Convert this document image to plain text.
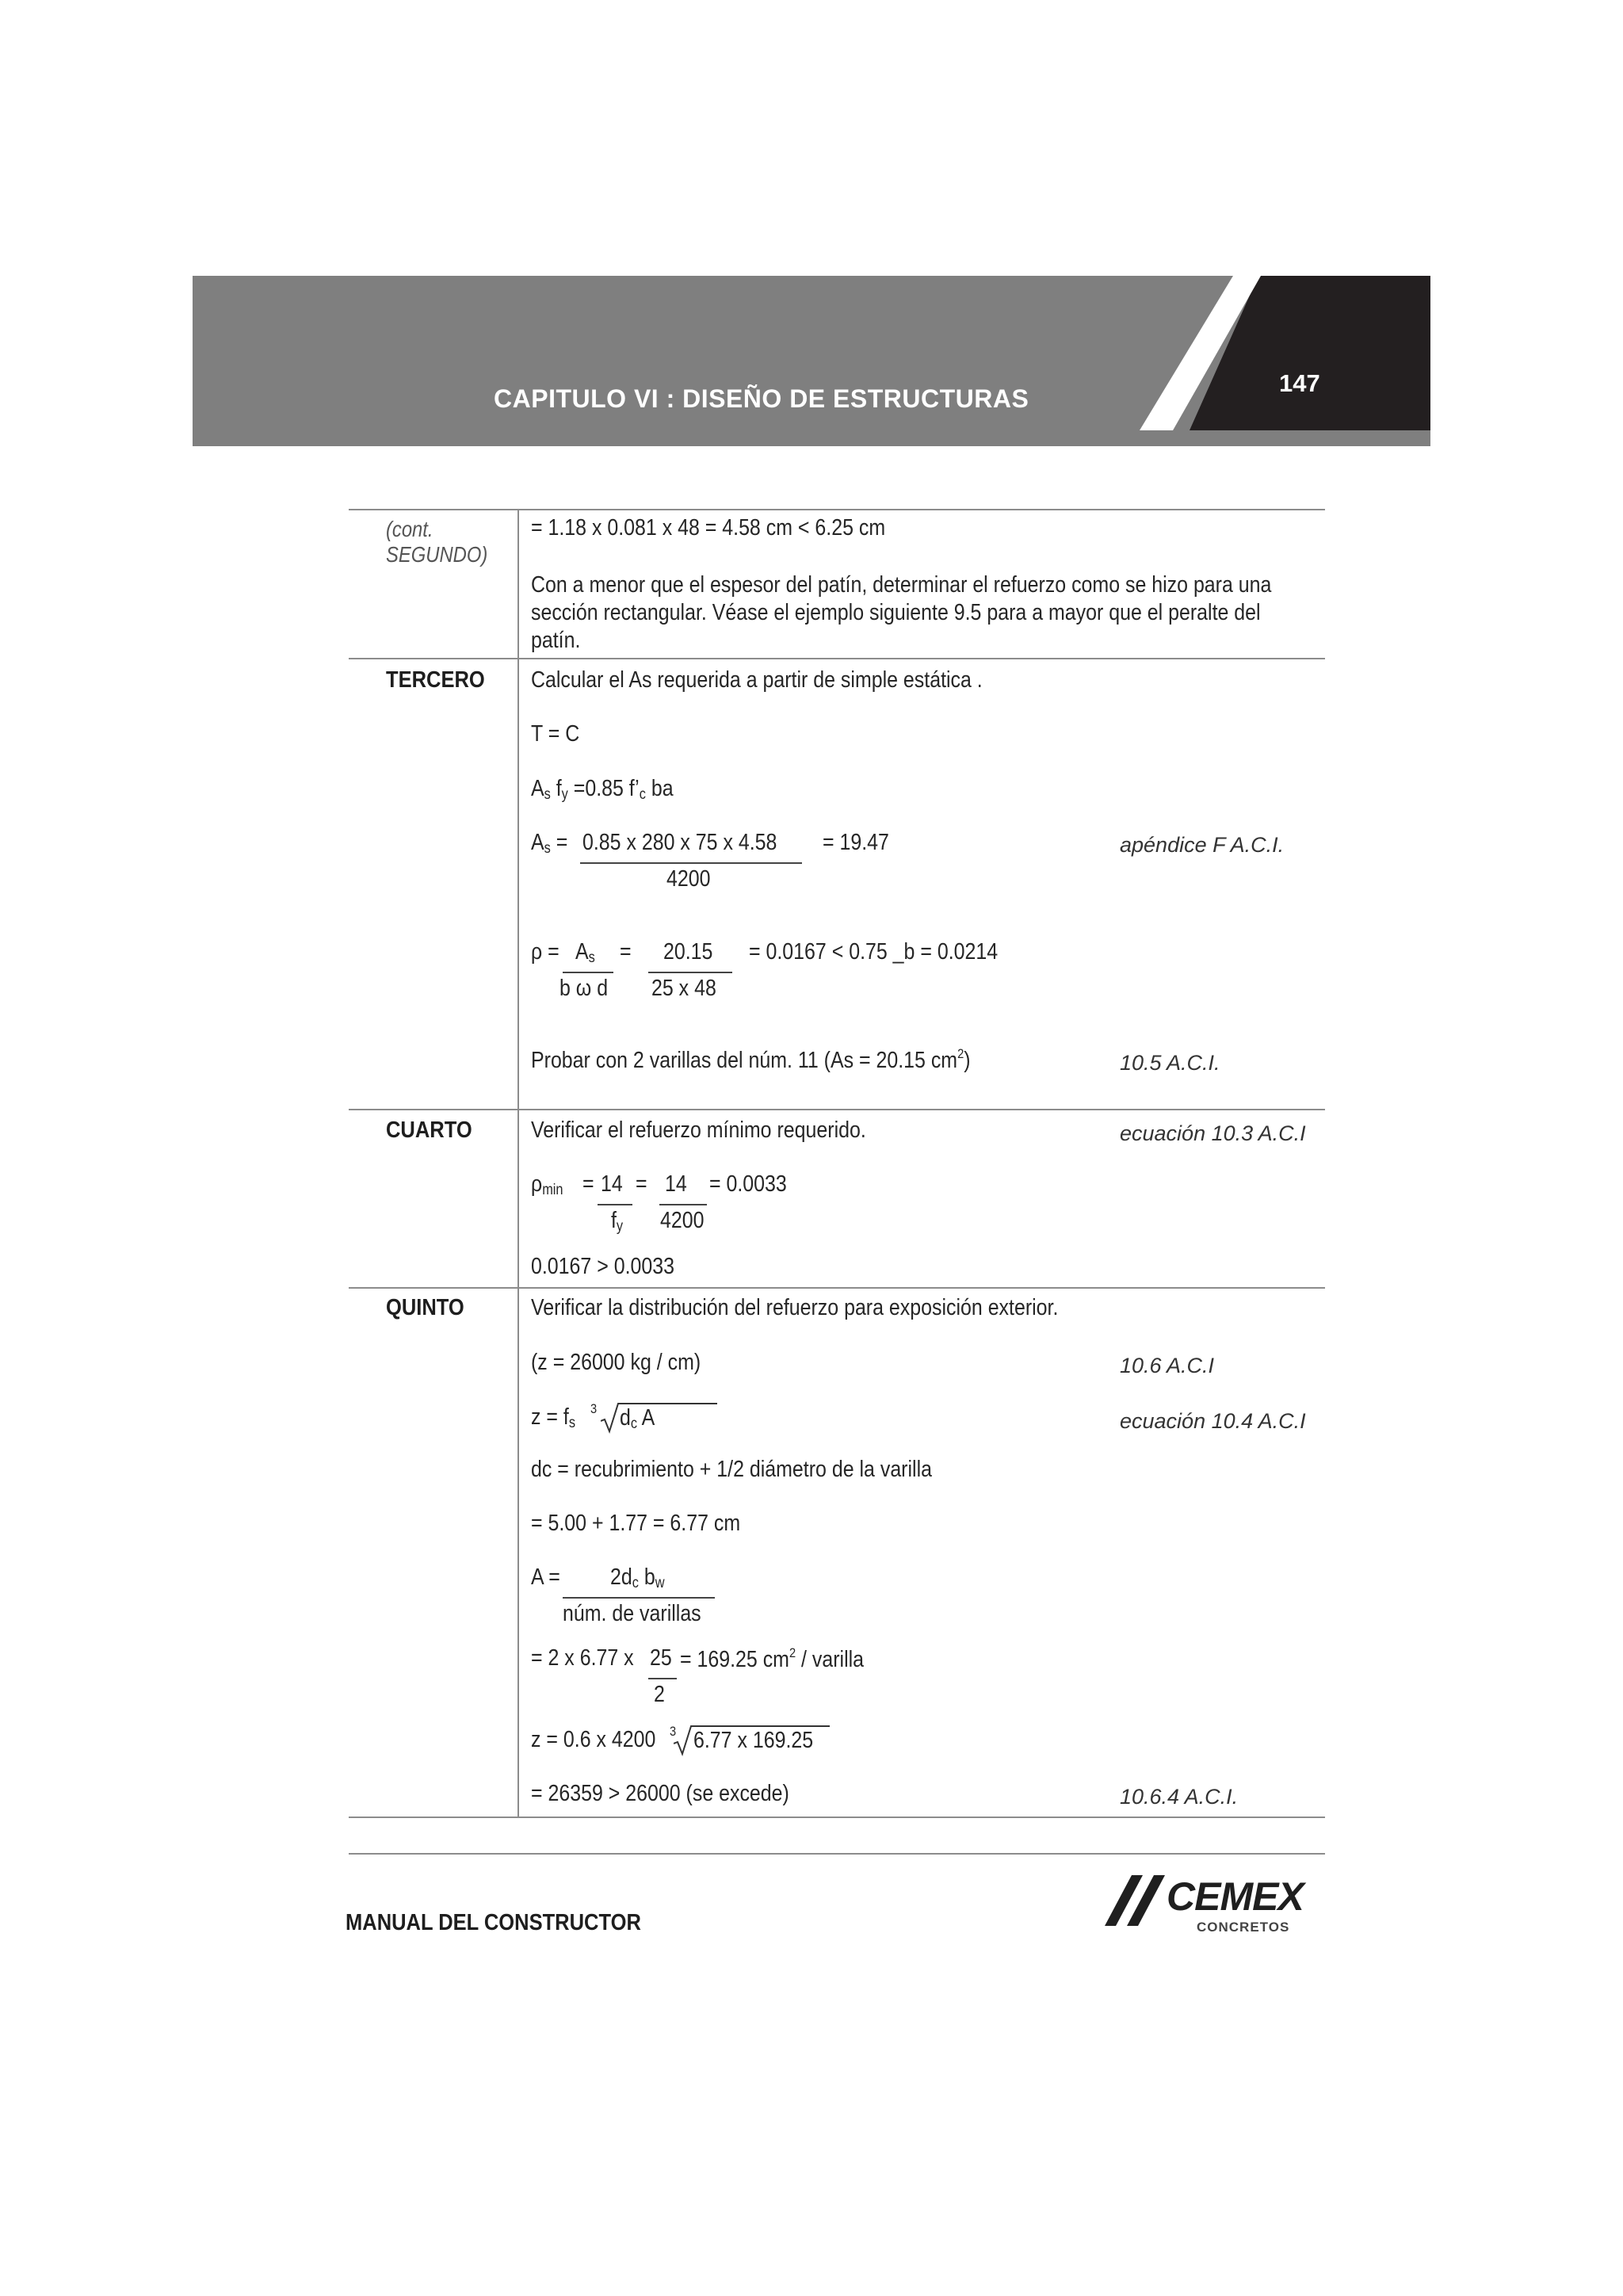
CAPITULO VI : DISEÑO DE ESTRUCTURAS
147
(cont. SEGUNDO)
= 1.18 x 0.081 x 48 = 4.58 cm < 6.25 cm
Con a menor que el espesor del patín, determinar el refuerzo como se hizo para una sección rectangular. Véase el ejemplo siguiente 9.5 para a mayor que el peralte del patín.
TERCERO Calcular el As requerida a partir de simple estática .
T = C
$A_s$ $f_y =0.85$ $f’_c$ ba
$A_s = 0.85$ x 280 x 75 x 4.58
4200
= 19.47	apéndice F A.C.I.
$\rho = A_s$
b ω d
= 20.15
25 x 48
= 0.0167 < 0.75 _b = 0.0214
Probar con 2 varillas del núm. 11 (As = 20.15 $cm^2$)	10.5 A.C.I.
CUARTO	Verificar el refuerzo mínimo requerido.	ecuación 10.3 A.C.I
$\rho_{min} = 14$
$f_y$
= 14
4200
= 0.0033
0.0167 > 0.0033
QUINTO	Verificar la distribución del refuerzo para exposición exterior.
(z = 26000 kg / cm)	10.6 A.C.I
$z = f_s$
3 $d_c$ A	ecuación 10.4 A.C.I
dc = recubrimiento + 1/2 diámetro de la varilla
= 5.00 + 1.77 = 6.77 cm
$A = 2d_c$ $b_w$
núm. de varillas
= 2 x 6.77 x 25
2
= 169.25 $cm^2$ / varilla
z = 0.6 x 4200 3 6.77 x 169.25
= 26359 > 26000 (se excede)	10.6.4 A.C.I.
MANUAL DEL CONSTRUCTOR
CEMEX
CONCRETOS
